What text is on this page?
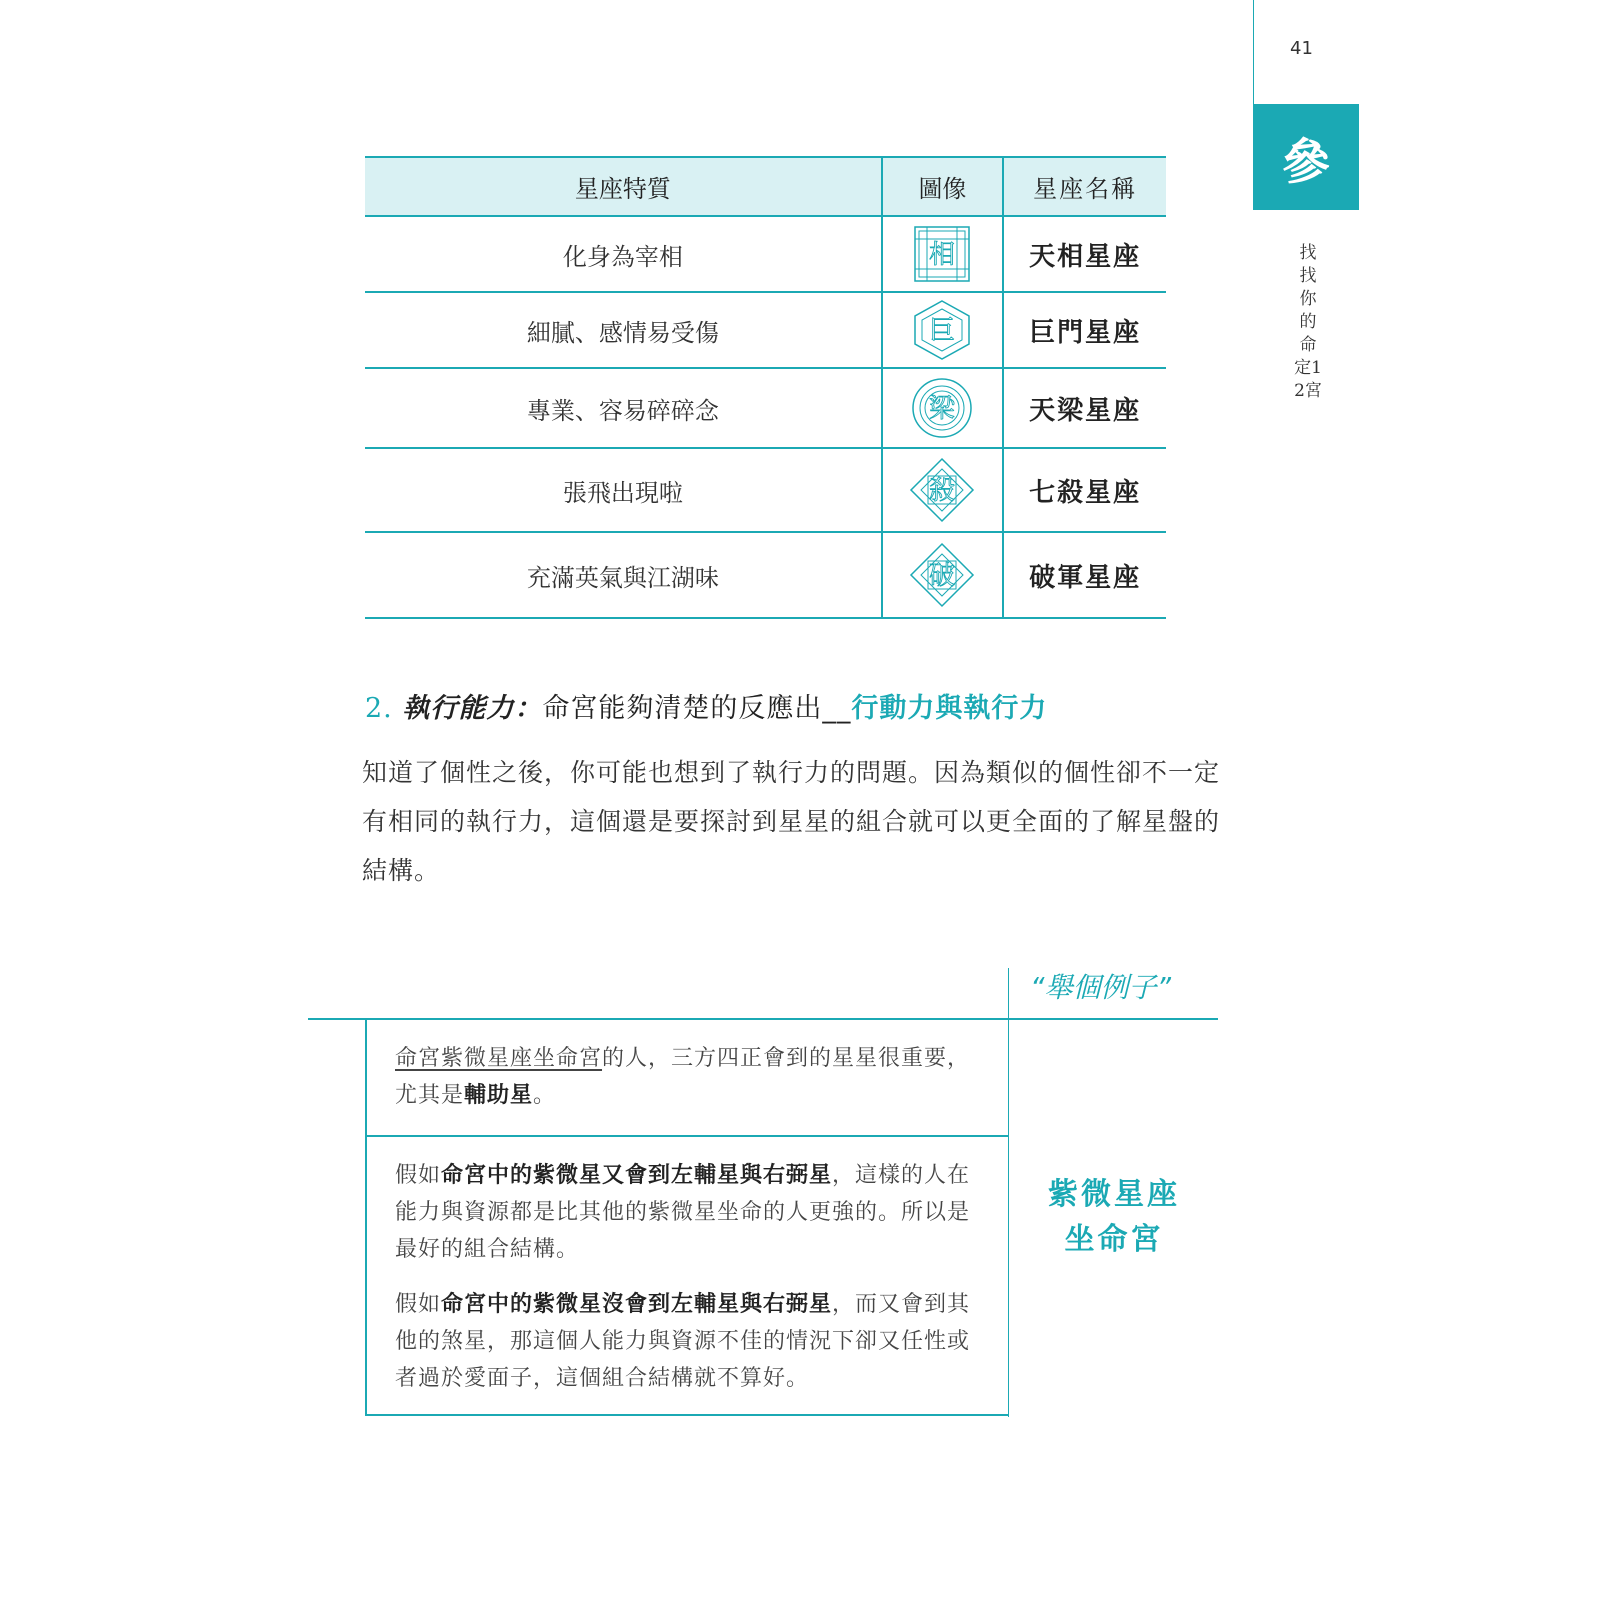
41
參
找找你的命定12宮
星座特質	圖像	星座名稱
化身為宰相	相	天相星座
細膩、感情易受傷	巨	巨門星座
專業、容易碎碎念	梁	天梁星座
張飛出現啦	殺	七殺星座
充滿英氣與江湖味	破	破軍星座
2. 執行能力：命宮能夠清楚的反應出__行動力與執行力
知道了個性之後，你可能也想到了執行力的問題。因為類似的個性卻不一定有相同的執行力，這個還是要探討到星星的組合就可以更全面的了解星盤的結構。
“舉個例子”
命宮紫微星座坐命宮的人，三方四正會到的星星很重要，尤其是輔助星。
假如命宮中的紫微星又會到左輔星與右弼星，這樣的人在能力與資源都是比其他的紫微星坐命的人更強的。所以是最好的組合結構。
假如命宮中的紫微星沒會到左輔星與右弼星，而又會到其他的煞星，那這個人能力與資源不佳的情況下卻又任性或者過於愛面子，這個組合結構就不算好。
紫微星座
坐命宮
